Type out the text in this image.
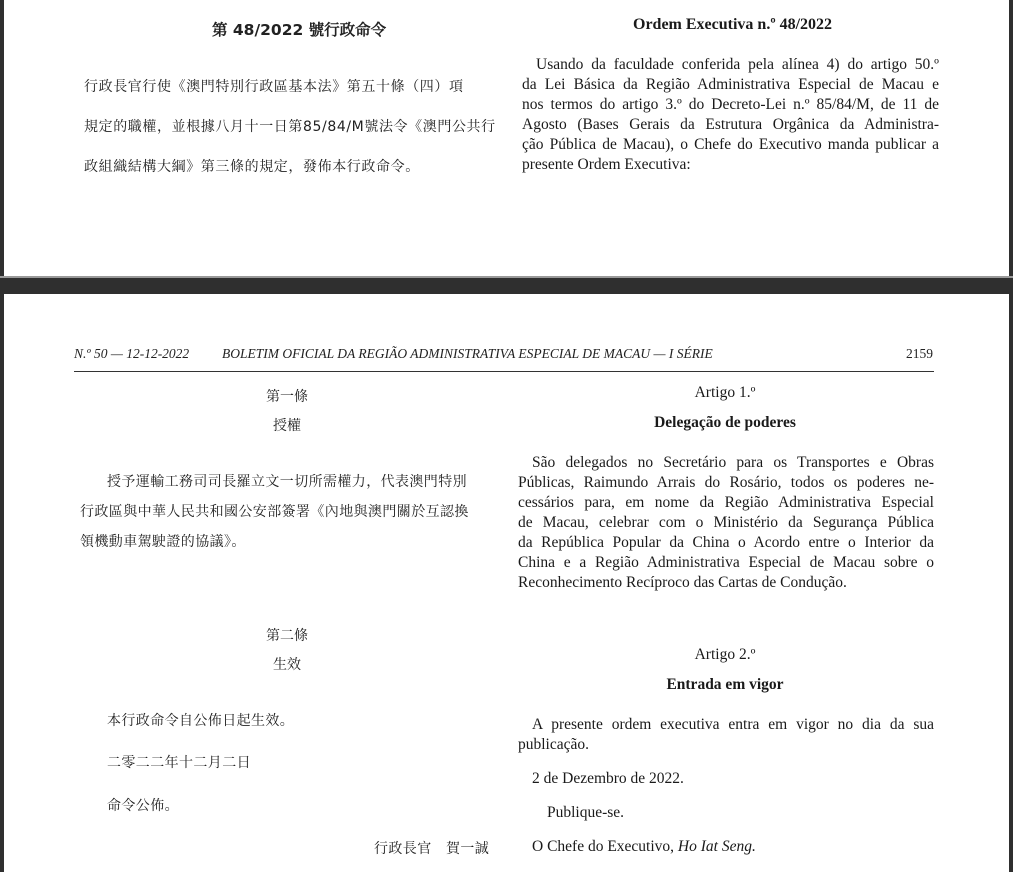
第 48/2022 號行政命令
行政長官行使《澳門特別行政區基本法》第五十條（四）項
規定的職權，並根據八月十一日第85/84/M號法令《澳門公共行
政組織結構大綱》第三條的規定，發佈本行政命令。
Ordem Executiva n.º 48/2022
Usando da faculdade conferida pela alínea 4) do artigo 50.º
da Lei Básica da Região Administrativa Especial de Macau e
nos termos do artigo 3.º do Decreto-Lei n.º 85/84/M, de 11 de
Agosto (Bases Gerais da Estrutura Orgânica da Administra-
ção Pública de Macau), o Chefe do Executivo manda publicar a
presente Ordem Executiva:
N.º 50 — 12-12-2022 BOLETIM OFICIAL DA REGIÃO ADMINISTRATIVA ESPECIAL DE MACAU — I SÉRIE	2159
第一條
授權
授予運輸工務司司長羅立文一切所需權力，代表澳門特別
行政區與中華人民共和國公安部簽署《內地與澳門關於互認換
領機動車駕駛證的協議》。
Artigo 1.º
Delegação de poderes
São delegados no Secretário para os Transportes e Obras
Públicas, Raimundo Arrais do Rosário, todos os poderes ne-
cessários para, em nome da Região Administrativa Especial
de Macau, celebrar com o Ministério da Segurança Pública
da República Popular da China o Acordo entre o Interior da
China e a Região Administrativa Especial de Macau sobre o
Reconhecimento Recíproco das Cartas de Condução.
第二條
生效
本行政命令自公佈日起生效。
Artigo 2.º
Entrada em vigor
A presente ordem executiva entra em vigor no dia da sua
publicação.
二零二二年十二月二日
命令公佈。
行政長官　賀一誠
2 de Dezembro de 2022.
Publique-se.
O Chefe do Executivo, Ho Iat Seng.
